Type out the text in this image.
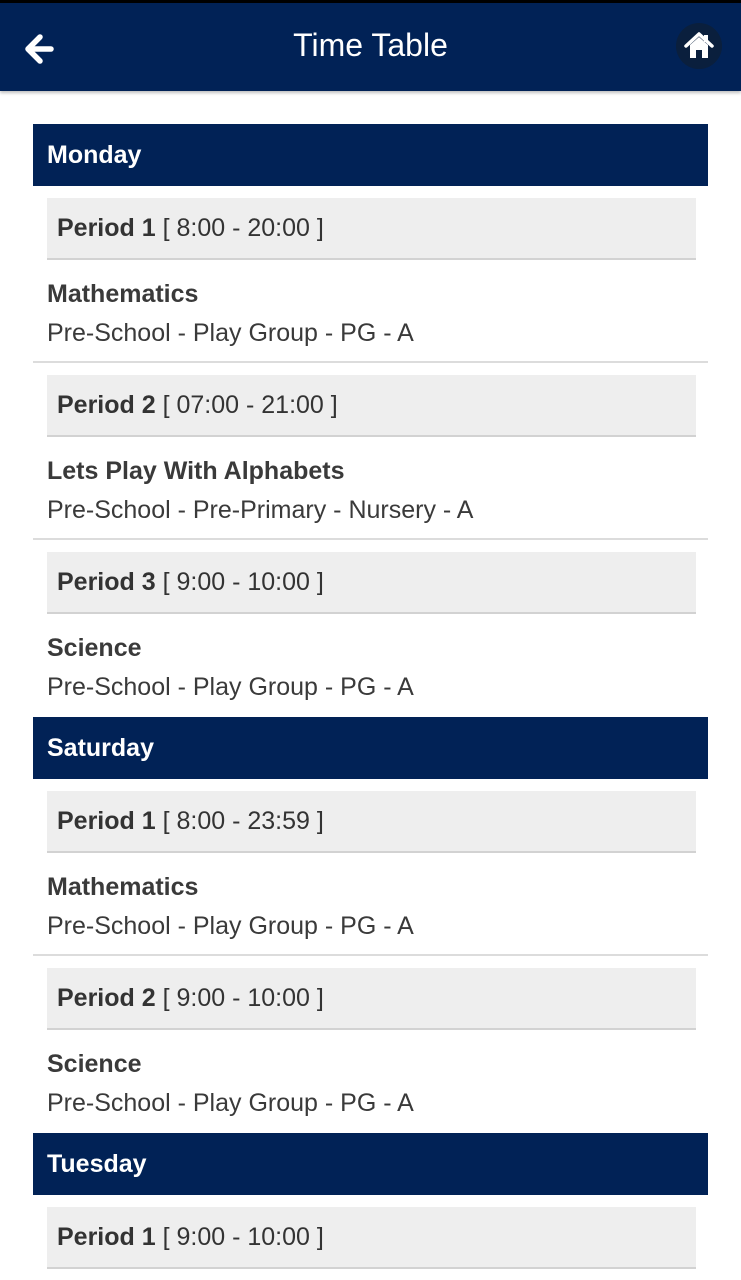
Time Table
Monday
Period 1 [ 8:00 - 20:00 ]
Mathematics
Pre-School - Play Group - PG - A
Period 2 [ 07:00 - 21:00 ]
Lets Play With Alphabets
Pre-School - Pre-Primary - Nursery - A
Period 3 [ 9:00 - 10:00 ]
Science
Pre-School - Play Group - PG - A
Saturday
Period 1 [ 8:00 - 23:59 ]
Mathematics
Pre-School - Play Group - PG - A
Period 2 [ 9:00 - 10:00 ]
Science
Pre-School - Play Group - PG - A
Tuesday
Period 1 [ 9:00 - 10:00 ]
